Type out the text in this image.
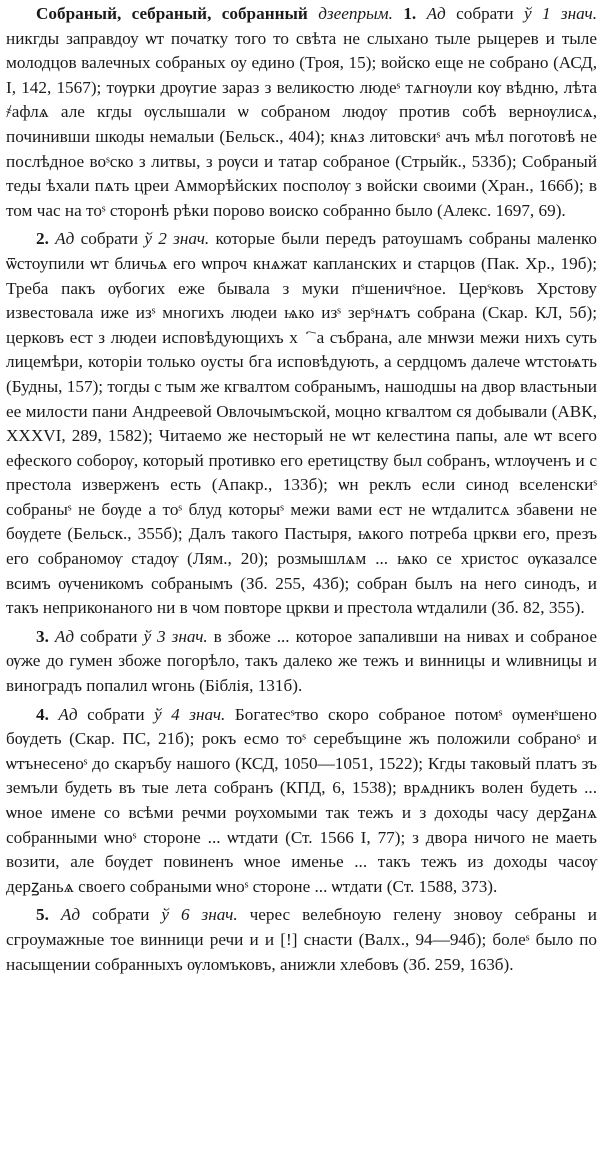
Собраный, себраный, собранный дзеепрым. 1. Ад собрати ў 1 знач. никгды заправдоу ѡт початку того то свѣта не слыхано тыле рыцерев и тыле молодцов валечных собраных оу едино (Троя, 15); войско еще не собрано (АСД, І, 142, 1567); тѹрки дрѹгие зараз з великостю людеˢ тѧгнѹли кѹ вѣдню, лѣта ҂афлѧ але кгды ѹслышали ѡ собраном людѹ против собѣ вернѹлисѧ, починивши шкоды немалыи (Бельск., 404); кнѧз литовскиˢ ачъ мѣл поготовѣ не послѣдное воˢско з литвы, з рѹси и татар собраное (Стрыйк., 533б); Собраный теды ѣхали пѧть цреи Амморѣйских посполѹ з войски своими (Хран., 166б); в том час на тоˢ сторонѣ рѣки порово воиско собранно было (Алекс. 1697, 69).

2. Ад собрати ў 2 знач. которые были передъ ратоушамъ собраны маленко ѿстоупили ѡт бличьѧ его ѡпроч кнѧжат капланских и старцов (Пак. Хр., 19б); Треба пакъ ѹбогих еже бывала з муки пˢшеничˢное. Церˢковъ Хрстову известовала иже изˢ многихъ людеи ѩко изˢ зерˢнѧтъ собрана (Скар. КЛ, 5б); церковъ ест з людеи исповѣдующихъ хⷭ҇ а събрана, але мнѡзи межи нихъ суть лицемѣри, которіи только оусты бга исповѣдують, а сердцомъ далече ѡтстоѩть (Будны, 157); тогды с тым же кгвалтом собранымъ, нашодшы на двор властьныи ее милости пани Андреевой Овлочымъской, моцно кгвалтом ся добывали (АВК, XXXVI, 289, 1582); Читаемо же несторый не ѡт келестина папы, але ѡт всего ефеского соборѹ, который противко его еретицству был собранъ, ѡтлѹченъ и с престола изверженъ есть (Апакр., 133б); ѡн реклъ если синод вселенскиˢ собраныˢ не бѹде а тоˢ блуд которыˢ межи вами ест не ѡтдалитсѧ збавени не бѹдете (Бельск., 355б); Далъ такого Пастыря, ѩкого потреба цркви его, презъ его собраномѹ стадѹ (Лям., 20); розмышлѧм ... ѩко се христос ѹказалсе всимъ ѹченикомъ собранымъ (Зб. 255, 43б); собран былъ на него синодъ, и такъ неприконаного ни в чом повторе цркви и престола ѡтдалили (Зб. 82, 355).

3. Ад собрати ў 3 знач. в збоже ... которое запаливши на нивах и собраное ѹже до гумен збоже погорѣло, такъ далеко же тежъ и винницы и ѡливницы и виноградъ попалил ѡгонь (Біблія, 131б).

4. Ад собрати ў 4 знач. Богатесˢтво скоро собраное потомˢ ѹменˢшено бѹдеть (Скар. ПС, 21б); рокъ есмо тоˢ серебъщине жъ положили собраноˢ и ѡтънесеноˢ до скаръбу нашого (КСД, 1050—1051, 1522); Кгды таковый платъ зъ земъли будеть въ тые лета собранъ (КПД, 6, 1538); врѧдникъ волен будеть ... ѡное имене со всѣми речми рѹхомыми так тежъ и з доходы часу дерꙁанѧ собранными ѡноˢ стороне ... ѡтдати (Ст. 1566 I, 77); з двора ничого не маеть возити, але бѹдет повиненъ ѡное именье ... такъ тежъ из доходы часѹ дерꙁаньѧ своего собраными ѡноˢ стороне ... ѡтдати (Ст. 1588, 373).

5. Ад собрати ў 6 знач. черес велебноую гелену зновоу себраны и сгроумажные тое винници речи и и [!] снасти (Валх., 94—94б); болеˢ было по насыщении собранныхъ ѹломъковъ, анижли хлебовъ (Зб. 259, 163б).
